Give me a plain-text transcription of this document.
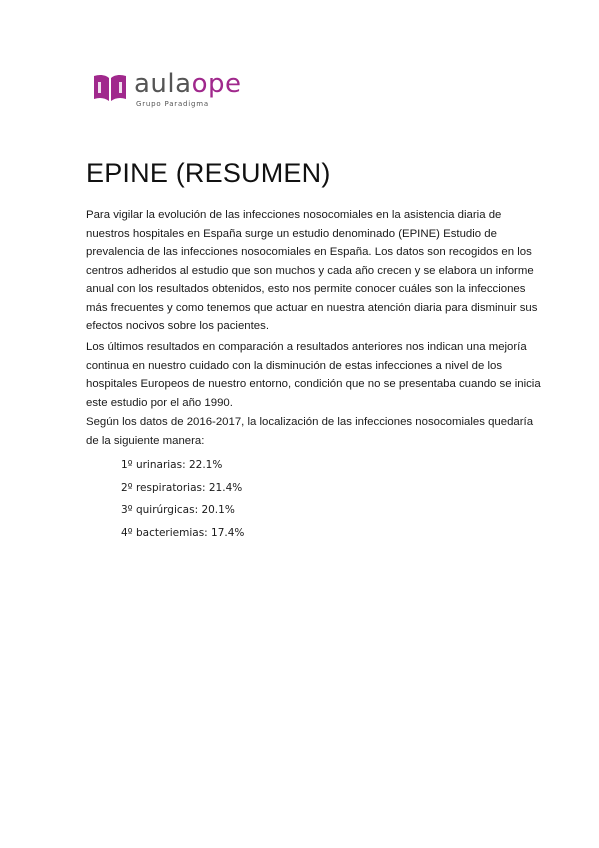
aulaope
Grupo Paradigma
EPINE (RESUMEN)

Para vigilar la evolución de las infecciones nosocomiales en la asistencia diaria de nuestros hospitales en España surge un estudio denominado (EPINE) Estudio de prevalencia de las infecciones nosocomiales en España. Los datos son recogidos en los centros adheridos al estudio que son muchos y cada año crecen y se elabora un informe anual con los resultados obtenidos, esto nos permite conocer cuáles son la infecciones más frecuentes y como tenemos que actuar en nuestra atención diaria para disminuir sus efectos nocivos sobre los pacientes.

Los últimos resultados en comparación a resultados anteriores nos indican una mejoría continua en nuestro cuidado con la disminución de estas infecciones a nivel de los hospitales Europeos de nuestro entorno, condición que no se presentaba cuando se inicia este estudio por el año 1990.

Según los datos de 2016-2017, la localización de las infecciones nosocomiales quedaría de la siguiente manera:

1º urinarias: 22.1%
2º respiratorias: 21.4%
3º quirúrgicas: 20.1%
4º bacteriemias: 17.4%
